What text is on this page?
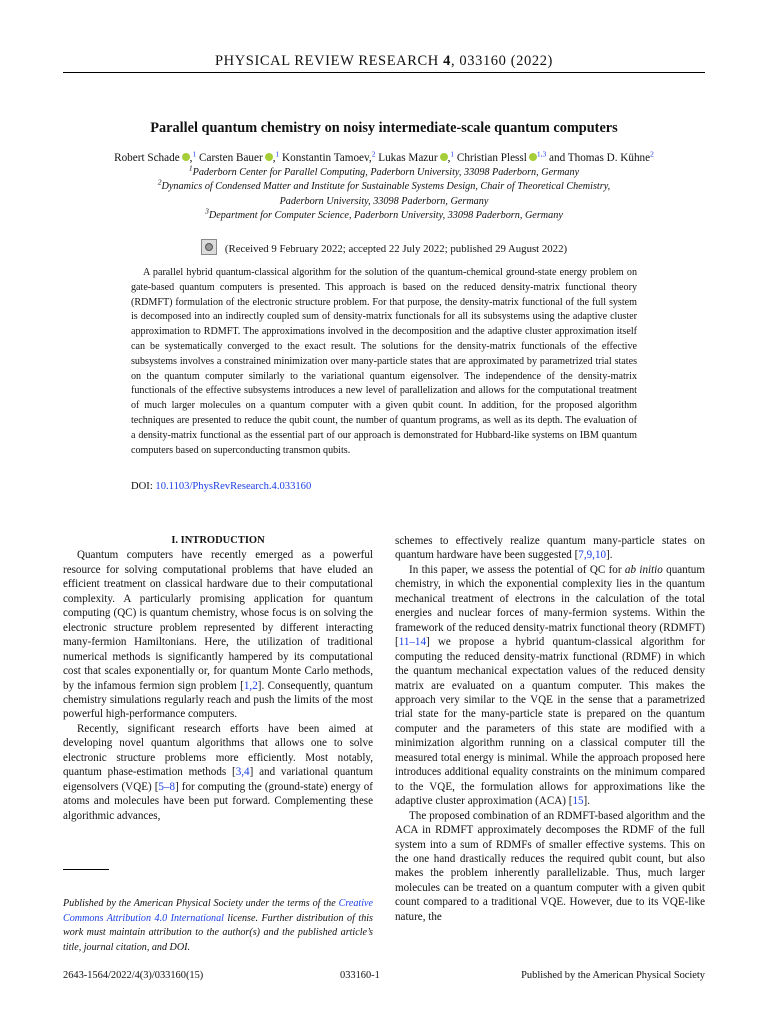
PHYSICAL REVIEW RESEARCH 4, 033160 (2022)
Parallel quantum chemistry on noisy intermediate-scale quantum computers
Robert Schade ,$^1$ Carsten Bauer ,$^1$ Konstantin Tamoev,$^2$ Lukas Mazur ,$^1$ Christian Plessl $^{1,3}$ and Thomas D. Kühne$^2$
$^1$Paderborn Center for Parallel Computing, Paderborn University, 33098 Paderborn, Germany
$^2$Dynamics of Condensed Matter and Institute for Sustainable Systems Design, Chair of Theoretical Chemistry,
Paderborn University, 33098 Paderborn, Germany
$^3$Department for Computer Science, Paderborn University, 33098 Paderborn, Germany
(Received 9 February 2022; accepted 22 July 2022; published 29 August 2022)
A parallel hybrid quantum-classical algorithm for the solution of the quantum-chemical ground-state energy problem on gate-based quantum computers is presented. This approach is based on the reduced density-matrix functional theory (RDMFT) formulation of the electronic structure problem. For that purpose, the density-matrix functional of the full system is decomposed into an indirectly coupled sum of density-matrix functionals for all its subsystems using the adaptive cluster approximation to RDMFT. The approximations involved in the decomposition and the adaptive cluster approximation itself can be systematically converged to the exact result. The solutions for the density-matrix functionals of the effective subsystems involves a constrained minimization over many-particle states that are approximated by parametrized trial states on the quantum computer similarly to the variational quantum eigensolver. The independence of the density-matrix functionals of the effective subsystems introduces a new level of parallelization and allows for the computational treatment of much larger molecules on a quantum computer with a given qubit count. In addition, for the proposed algorithm techniques are presented to reduce the qubit count, the number of quantum programs, as well as its depth. The evaluation of a density-matrix functional as the essential part of our approach is demonstrated for Hubbard-like systems on IBM quantum computers based on superconducting transmon qubits.
DOI: 10.1103/PhysRevResearch.4.033160

I. INTRODUCTION

Quantum computers have recently emerged as a powerful resource for solving computational problems that have eluded an efficient treatment on classical hardware due to their computational complexity. A particularly promising application for quantum computing (QC) is quantum chemistry, whose focus is on solving the electronic structure problem represented by different interacting many-fermion Hamiltonians. Here, the utilization of traditional numerical methods is significantly hampered by its computational cost that scales exponentially or, for quantum Monte Carlo methods, by the infamous fermion sign problem [1,2]. Consequently, quantum chemistry simulations regularly reach and push the limits of the most powerful high-performance computers.

Recently, significant research efforts have been aimed at developing novel quantum algorithms that allows one to solve electronic structure problems more efficiently. Most notably, quantum phase-estimation methods [3,4] and variational quantum eigensolvers (VQE) [5–8] for computing the (ground-state) energy of atoms and molecules have been put forward. Complementing these algorithmic advances,

schemes to effectively realize quantum many-particle states on quantum hardware have been suggested [7,9,10].

In this paper, we assess the potential of QC for ab initio quantum chemistry, in which the exponential complexity lies in the quantum mechanical treatment of electrons in the calculation of the total energies and nuclear forces of many-fermion systems. Within the framework of the reduced density-matrix functional theory (RDMFT) [11–14] we propose a hybrid quantum-classical algorithm for computing the reduced density-matrix functional (RDMF) in which the quantum mechanical expectation values of the reduced density matrix are evaluated on a quantum computer. This makes the approach very similar to the VQE in the sense that a parametrized trial state for the many-particle state is prepared on the quantum computer and the parameters of this state are modified with a minimization algorithm running on a classical computer till the measured total energy is minimal. While the approach proposed here introduces additional equality constraints on the minimum compared to the VQE, the formulation allows for approximations like the adaptive cluster approximation (ACA) [15].

The proposed combination of an RDMFT-based algorithm and the ACA in RDMFT approximately decomposes the RDMF of the full system into a sum of RDMFs of smaller effective systems. This on the one hand drastically reduces the required qubit count, but also makes the problem inherently parallelizable. Thus, much larger molecules can be treated on a quantum computer with a given qubit count compared to a traditional VQE. However, due to its VQE-like nature, the

Published by the American Physical Society under the terms of the Creative Commons Attribution 4.0 International license. Further distribution of this work must maintain attribution to the author(s) and the published article’s title, journal citation, and DOI.
2643-1564/2022/4(3)/033160(15)	033160-1	Published by the American Physical Society
